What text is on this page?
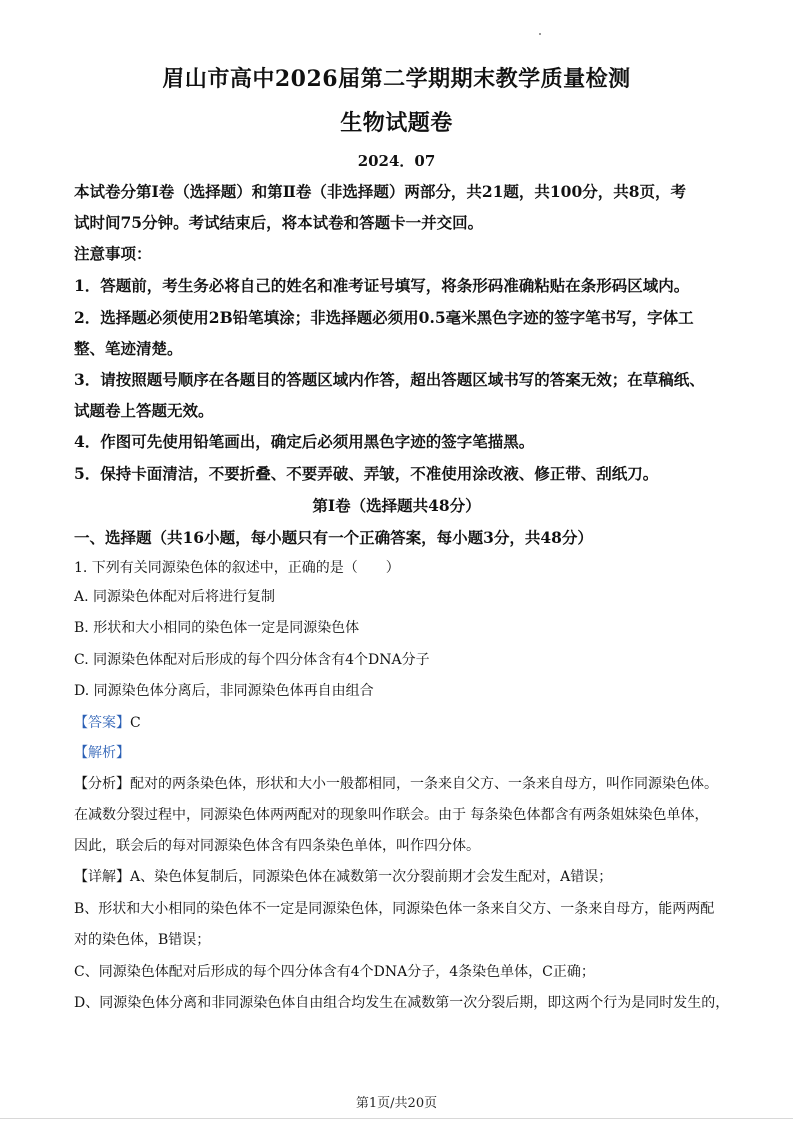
眉山市高中2026届第二学期期末教学质量检测
生物试题卷
2024．07
本试卷分第Ⅰ卷（选择题）和第Ⅱ卷（非选择题）两部分，共21题，共100分，共8页，考
试时间75分钟。考试结束后，将本试卷和答题卡一并交回。
注意事项：
1．答题前，考生务必将自己的姓名和准考证号填写，将条形码准确粘贴在条形码区域内。
2．选择题必须使用2B铅笔填涂；非选择题必须用0.5毫米黑色字迹的签字笔书写，字体工
整、笔迹清楚。
3．请按照题号顺序在各题目的答题区域内作答，超出答题区域书写的答案无效；在草稿纸、
试题卷上答题无效。
4．作图可先使用铅笔画出，确定后必须用黑色字迹的签字笔描黑。
5．保持卡面清洁，不要折叠、不要弄破、弄皱，不准使用涂改液、修正带、刮纸刀。
第Ⅰ卷（选择题共48分）
一、选择题（共16小题，每小题只有一个正确答案，每小题3分，共48分）
1. 下列有关同源染色体的叙述中，正确的是（　　）
A. 同源染色体配对后将进行复制
B. 形状和大小相同的染色体一定是同源染色体
C. 同源染色体配对后形成的每个四分体含有4个DNA分子
D. 同源染色体分离后，非同源染色体再自由组合
【答案】C
【解析】
【分析】配对的两条染色体，形状和大小一般都相同，一条来自父方、一条来自母方，叫作同源染色体。
在减数分裂过程中，同源染色体两两配对的现象叫作联会。由于 每条染色体都含有两条姐妹染色单体，
因此，联会后的每对同源染色体含有四条染色单体，叫作四分体。
【详解】A、染色体复制后，同源染色体在减数第一次分裂前期才会发生配对，A错误；
B、形状和大小相同的染色体不一定是同源染色体，同源染色体一条来自父方、一条来自母方，能两两配
对的染色体，B错误；
C、同源染色体配对后形成的每个四分体含有4个DNA分子，4条染色单体，C正确；
D、同源染色体分离和非同源染色体自由组合均发生在减数第一次分裂后期，即这两个行为是同时发生的，
第1页/共20页
